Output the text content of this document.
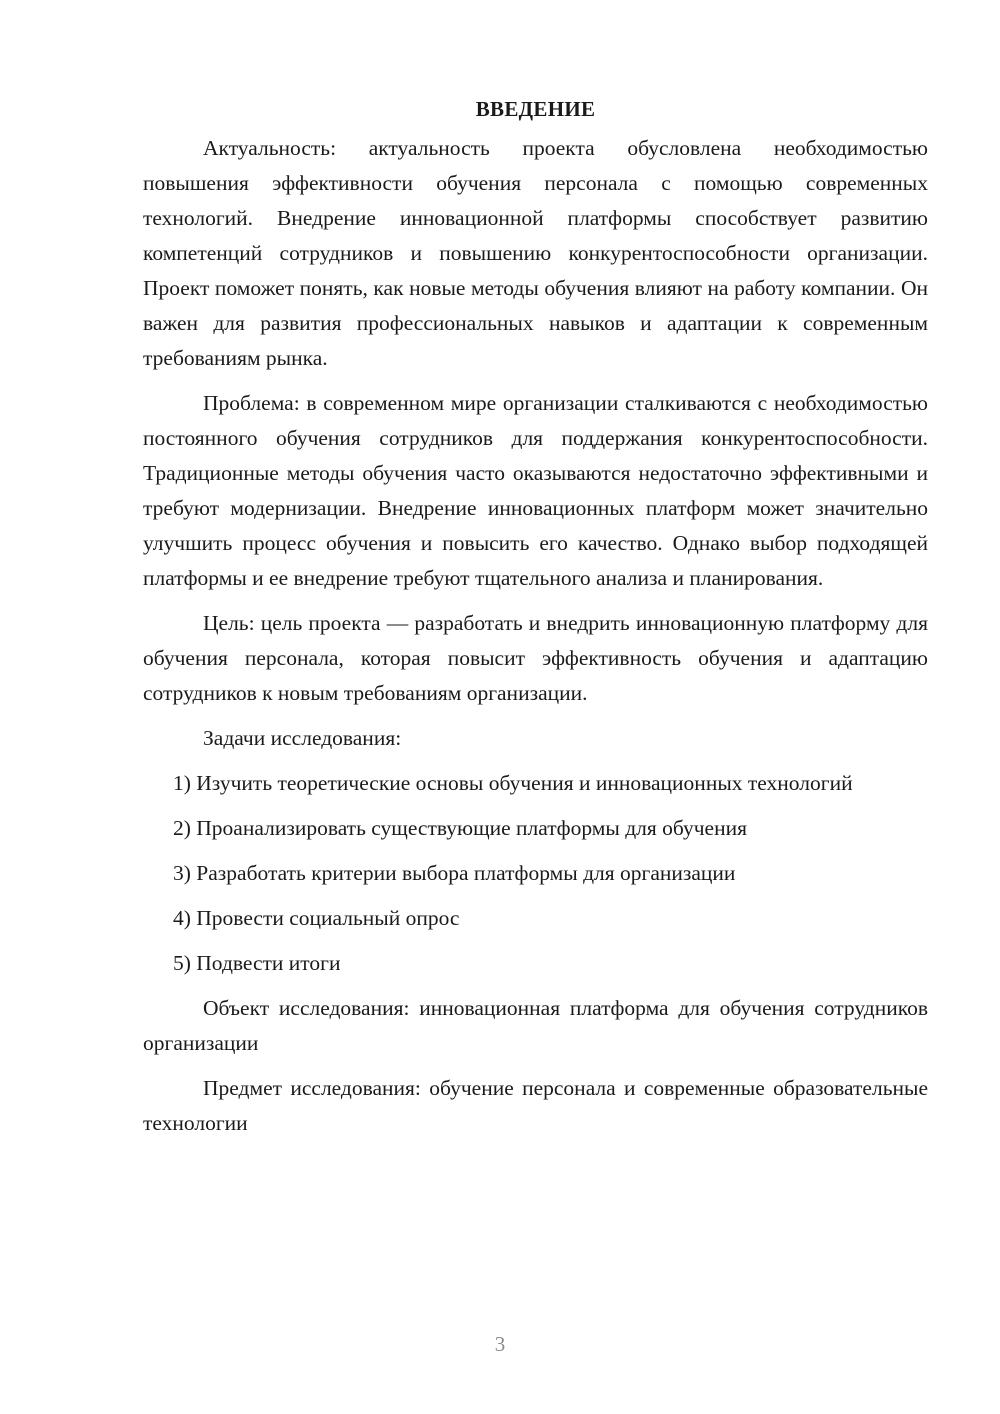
ВВЕДЕНИЕ

Актуальность: актуальность проекта обусловлена необходимостью повышения эффективности обучения персонала с помощью современных технологий. Внедрение инновационной платформы способствует развитию компетенций сотрудников и повышению конкурентоспособности организации. Проект поможет понять, как новые методы обучения влияют на работу компании. Он важен для развития профессиональных навыков и адаптации к современным требованиям рынка.

Проблема: в современном мире организации сталкиваются с необходимостью постоянного обучения сотрудников для поддержания конкурентоспособности. Традиционные методы обучения часто оказываются недостаточно эффективными и требуют модернизации. Внедрение инновационных платформ может значительно улучшить процесс обучения и повысить его качество. Однако выбор подходящей платформы и ее внедрение требуют тщательного анализа и планирования.

Цель: цель проекта — разработать и внедрить инновационную платформу для обучения персонала, которая повысит эффективность обучения и адаптацию сотрудников к новым требованиям организации.

Задачи исследования:

1) Изучить теоретические основы обучения и инновационных технологий

2) Проанализировать существующие платформы для обучения

3) Разработать критерии выбора платформы для организации

4) Провести социальный опрос

5) Подвести итоги

Объект исследования: инновационная платформа для обучения сотрудников организации

Предмет исследования: обучение персонала и современные образовательные технологии

3
